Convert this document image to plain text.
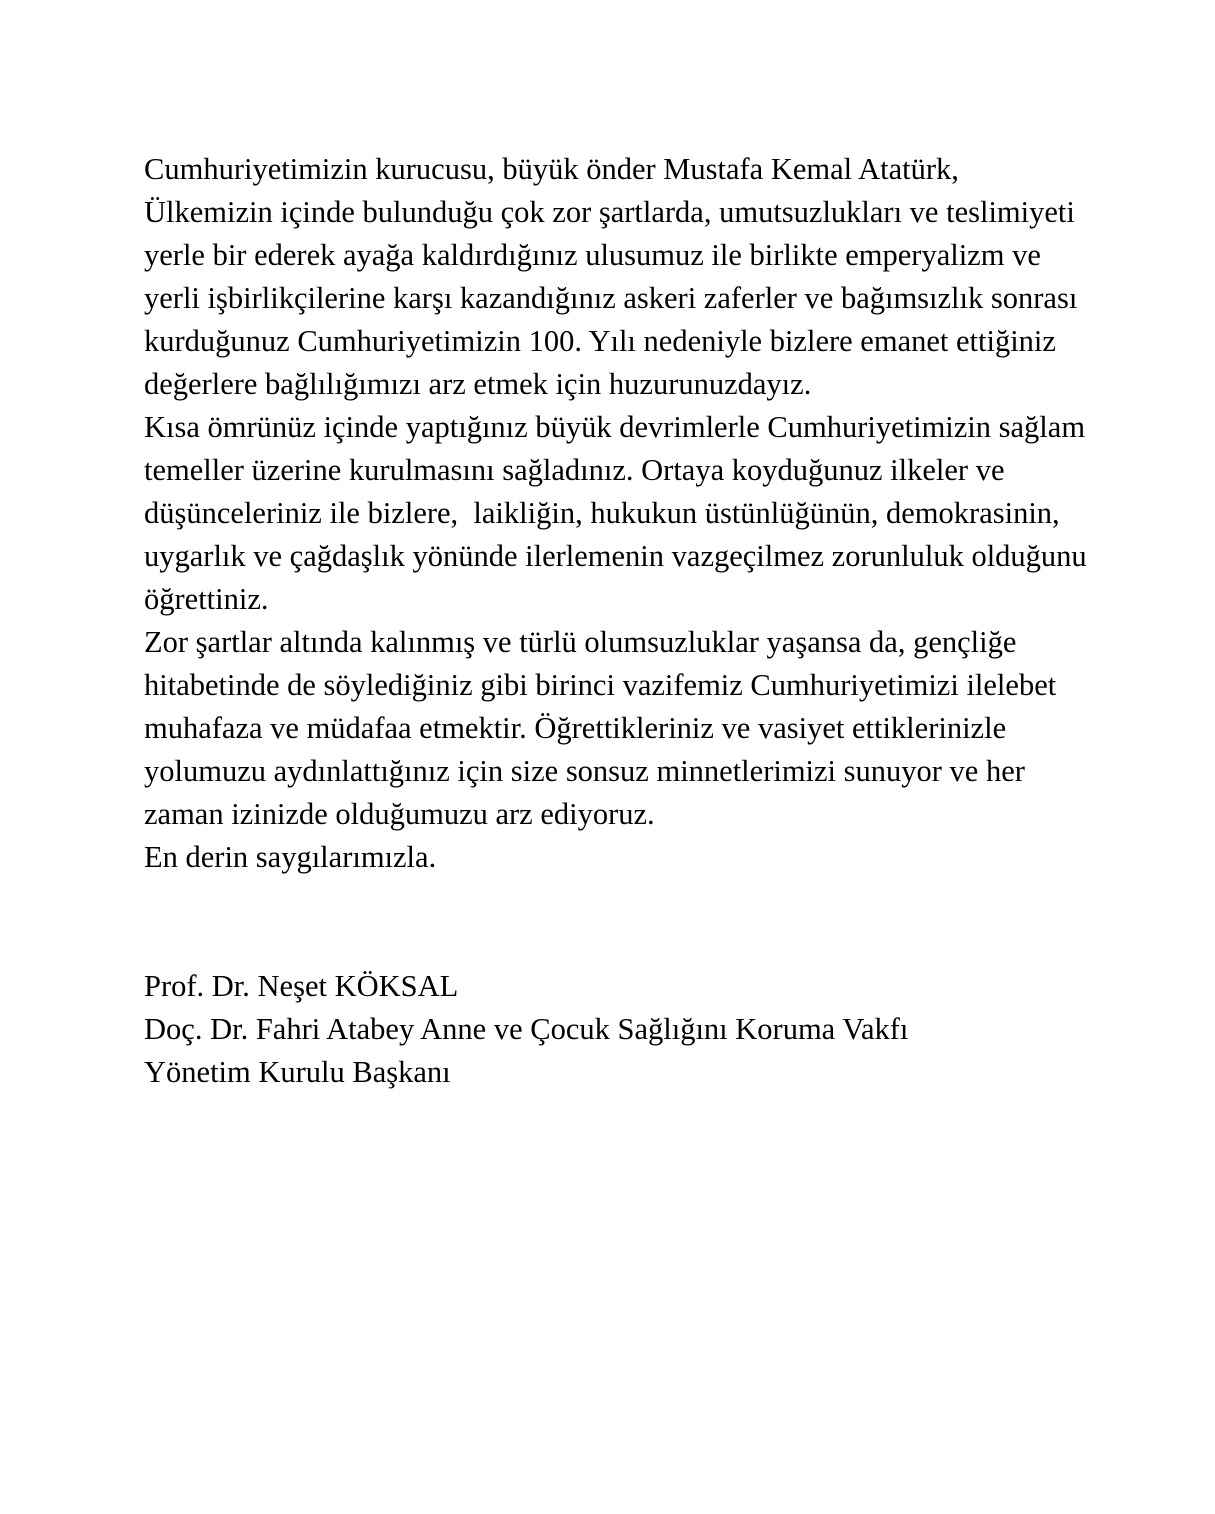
Cumhuriyetimizin kurucusu, büyük önder Mustafa Kemal Atatürk,

Ülkemizin içinde bulunduğu çok zor şartlarda, umutsuzlukları ve teslimiyeti yerle bir ederek ayağa kaldırdığınız ulusumuz ile birlikte emperyalizm ve yerli işbirlikçilerine karşı kazandığınız askeri zaferler ve bağımsızlık sonrası kurduğunuz Cumhuriyetimizin 100. Yılı nedeniyle bizlere emanet ettiğiniz değerlere bağlılığımızı arz etmek için huzurunuzdayız.

Kısa ömrünüz içinde yaptığınız büyük devrimlerle Cumhuriyetimizin sağlam temeller üzerine kurulmasını sağladınız. Ortaya koyduğunuz ilkeler ve düşünceleriniz ile bizlere,  laikliğin, hukukun üstünlüğünün, demokrasinin, uygarlık ve çağdaşlık yönünde ilerlemenin vazgeçilmez zorunluluk olduğunu öğrettiniz.

Zor şartlar altında kalınmış ve türlü olumsuzluklar yaşansa da, gençliğe hitabetinde de söylediğiniz gibi birinci vazifemiz Cumhuriyetimizi ilelebet muhafaza ve müdafaa etmektir. Öğrettikleriniz ve vasiyet ettiklerinizle yolumuzu aydınlattığınız için size sonsuz minnetlerimizi sunuyor ve her zaman izinizde olduğumuzu arz ediyoruz.

En derin saygılarımızla.

Prof. Dr. Neşet KÖKSAL

Doç. Dr. Fahri Atabey Anne ve Çocuk Sağlığını Koruma Vakfı

Yönetim Kurulu Başkanı
